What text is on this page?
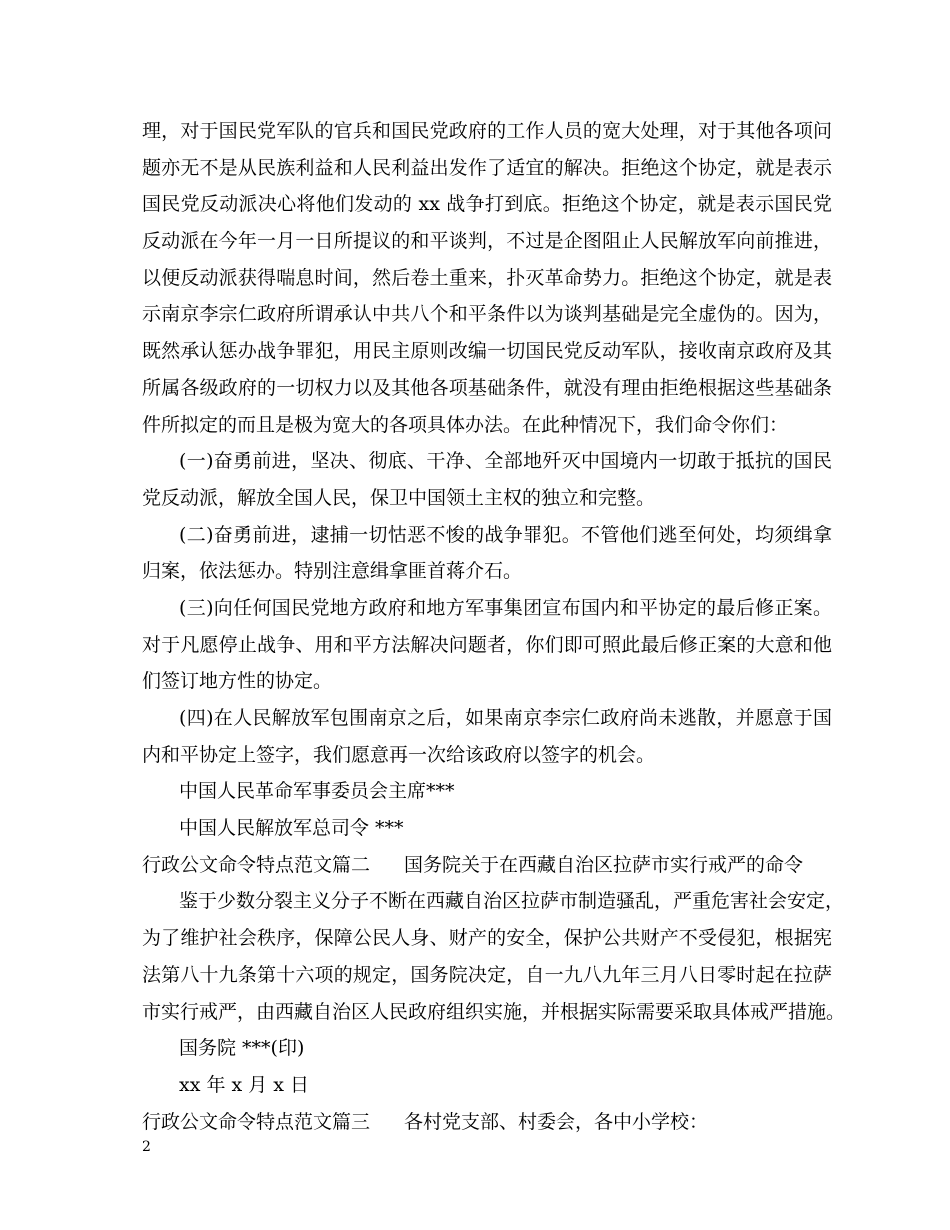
理，对于国民党军队的官兵和国民党政府的工作人员的宽大处理，对于其他各项问
题亦无不是从民族利益和人民利益出发作了适宜的解决。拒绝这个协定，就是表示
国民党反动派决心将他们发动的 xx 战争打到底。拒绝这个协定，就是表示国民党
反动派在今年一月一日所提议的和平谈判，不过是企图阻止人民解放军向前推进，
以便反动派获得喘息时间，然后卷土重来，扑灭革命势力。拒绝这个协定，就是表
示南京李宗仁政府所谓承认中共八个和平条件以为谈判基础是完全虚伪的。因为，
既然承认惩办战争罪犯，用民主原则改编一切国民党反动军队，接收南京政府及其
所属各级政府的一切权力以及其他各项基础条件，就没有理由拒绝根据这些基础条
件所拟定的而且是极为宽大的各项具体办法。在此种情况下，我们命令你们：
(一)奋勇前进，坚决、彻底、干净、全部地歼灭中国境内一切敢于抵抗的国民
党反动派，解放全国人民，保卫中国领土主权的独立和完整。
(二)奋勇前进，逮捕一切怙恶不悛的战争罪犯。不管他们逃至何处，均须缉拿
归案，依法惩办。特别注意缉拿匪首蒋介石。
(三)向任何国民党地方政府和地方军事集团宣布国内和平协定的最后修正案。
对于凡愿停止战争、用和平方法解决问题者，你们即可照此最后修正案的大意和他
们签订地方性的协定。
(四)在人民解放军包围南京之后，如果南京李宗仁政府尚未逃散，并愿意于国
内和平协定上签字，我们愿意再一次给该政府以签字的机会。
中国人民革命军事委员会主席***
中国人民解放军总司令 ***
行政公文命令特点范文篇二 国务院关于在西藏自治区拉萨市实行戒严的命令
鉴于少数分裂主义分子不断在西藏自治区拉萨市制造骚乱，严重危害社会安定，
为了维护社会秩序，保障公民人身、财产的安全，保护公共财产不受侵犯，根据宪
法第八十九条第十六项的规定，国务院决定，自一九八九年三月八日零时起在拉萨
市实行戒严，由西藏自治区人民政府组织实施，并根据实际需要采取具体戒严措施。
国务院 ***(印)
xx 年 x 月 x 日
行政公文命令特点范文篇三 各村党支部、村委会，各中小学校：
2
